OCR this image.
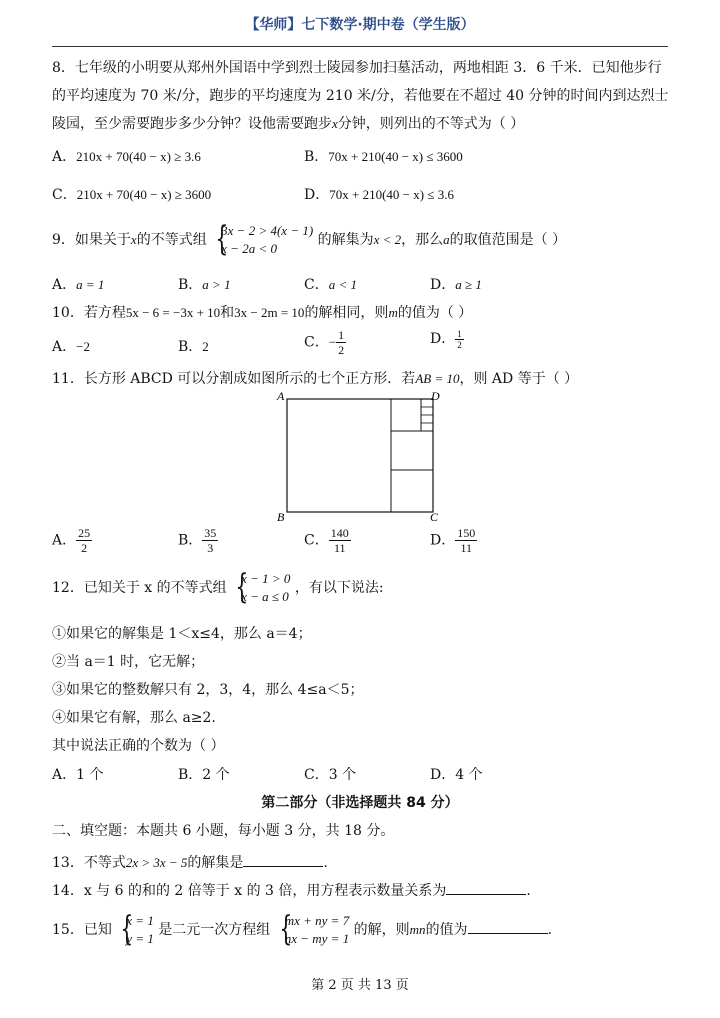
【华师】七下数学·期中卷（学生版）
8．七年级的小明要从郑州外国语中学到烈士陵园参加扫墓活动，两地相距 3．6 千米．已知他步行
的平均速度为 70 米/分，跑步的平均速度为 210 米/分，若他要在不超过 40 分钟的时间内到达烈士
陵园，至少需要跑步多少分钟？设他需要跑步x分钟，则列出的不等式为（ ）
A．210x + 70(40 − x) ≥ 3.6	B．70x + 210(40 − x) ≤ 3600
C．210x + 70(40 − x) ≥ 3600	D．70x + 210(40 − x) ≤ 3.6
9．如果关于x的不等式组 {
3x − 2 > 4(x − 1)
x − 2a < 0
的解集为x < 2，那么a的取值范围是（ ）
A．a = 1	B．a > 1	C．a < 1	D．a ≥ 1
10．若方程5x − 6 = −3x + 10和3x − 2m = 10的解相同，则m的值为（ ）
A．−2	B．2	C．− $\frac{1}{2}$	D． $\frac{1}{2}$
11．长方形 ABCD 可以分割成如图所示的七个正方形．若AB = 10，则 AD 等于（ ）
A	D
B	C
A． $\frac{25}{2}$	B． $\frac{35}{3}$	C． $\frac{140}{11}$	D． $\frac{150}{11}$
12．已知关于 x 的不等式组 {
x − 1 > 0
x − a ≤ 0
，有以下说法:
①如果它的解集是 1＜x≤4，那么 a＝4；
②当 a＝1 时，它无解；
③如果它的整数解只有 2，3，4，那么 4≤a＜5；
④如果它有解，那么 a≥2.
其中说法正确的个数为（ ）
A．1 个	B．2 个	C．3 个	D．4 个
第二部分（非选择题共 84 分）
二、填空题：本题共 6 小题，每小题 3 分，共 18 分。
13．不等式2x > 3x − 5的解集是	.
14．x 与 6 的和的 2 倍等于 x 的 3 倍，用方程表示数量关系为	.
15．已知 {
x = 1
y = 1
是二元一次方程组 {
mx + ny = 7
nx − my = 1
的解，则mn的值为	.
第 2 页 共 13 页
